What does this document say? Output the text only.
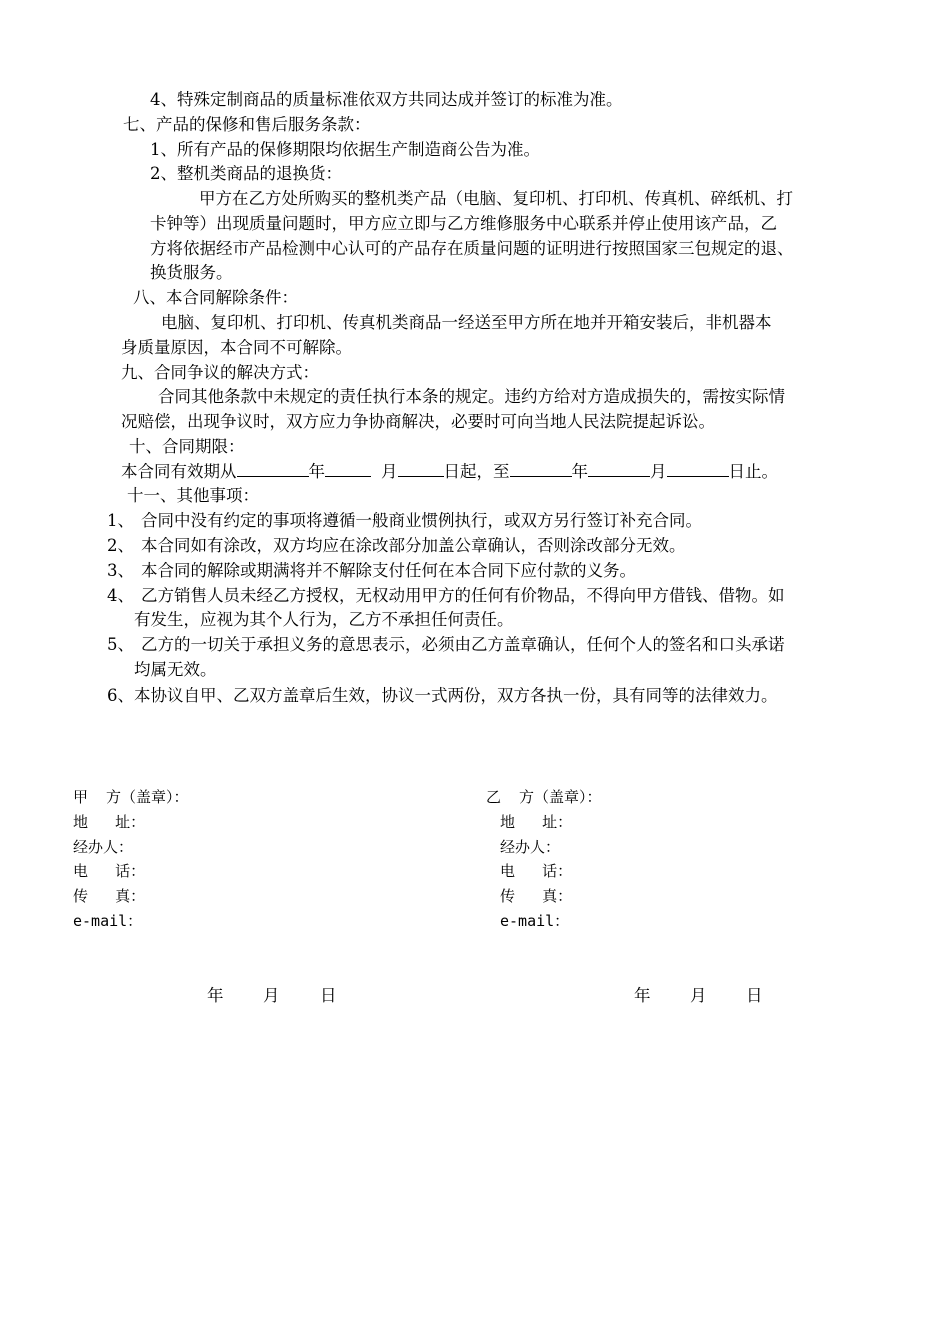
4、特殊定制商品的质量标准依双方共同达成并签订的标准为准。
七、产品的保修和售后服务条款：
1、所有产品的保修期限均依据生产制造商公告为准。
2、整机类商品的退换货：
甲方在乙方处所购买的整机类产品（电脑、复印机、打印机、传真机、碎纸机、打
卡钟等）出现质量问题时，甲方应立即与乙方维修服务中心联系并停止使用该产品，乙
方将依据经市产品检测中心认可的产品存在质量问题的证明进行按照国家三包规定的退、
换货服务。
八、本合同解除条件：
电脑、复印机、打印机、传真机类商品一经送至甲方所在地并开箱安装后，非机器本
身质量原因，本合同不可解除。
九、合同争议的解决方式：
合同其他条款中未规定的责任执行本条的规定。违约方给对方造成损失的，需按实际情
况赔偿，出现争议时，双方应力争协商解决，必要时可向当地人民法院提起诉讼。
十、合同期限：
本合同有效期从	年	月	日起，至	年	月	日止。
十一、其他事项：
1、 合同中没有约定的事项将遵循一般商业惯例执行，或双方另行签订补充合同。
2、 本合同如有涂改，双方均应在涂改部分加盖公章确认，否则涂改部分无效。
3、 本合同的解除或期满将并不解除支付任何在本合同下应付款的义务。
4、 乙方销售人员未经乙方授权，无权动用甲方的任何有价物品，不得向甲方借钱、借物。如
有发生，应视为其个人行为，乙方不承担任何责任。
5、 乙方的一切关于承担义务的意思表示，必须由乙方盖章确认，任何个人的签名和口头承诺
均属无效。
6、本协议自甲、乙双方盖章后生效，协议一式两份，双方各执一份，具有同等的法律效力。
甲  方（盖章）：
地   址：
经办人：
电   话：
传   真：
e-mail：
乙  方（盖章）：
地   址：
经办人：
电   话：
传   真：
e-mail：
年 月 日	年 月 日
